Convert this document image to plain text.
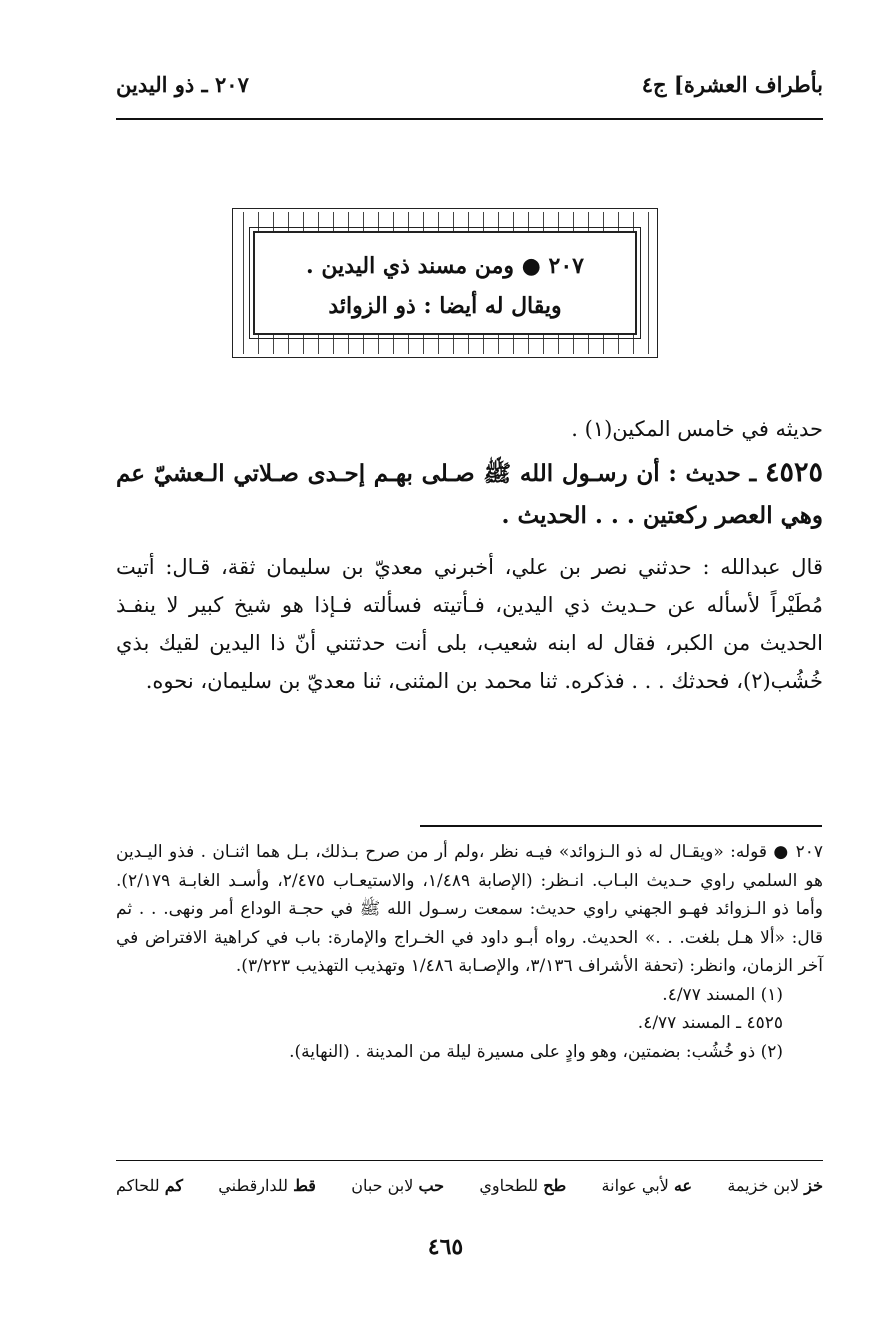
بأطراف العشرة] ج٤
٢٠٧ ـ ذو اليدين
٢٠٧ ● ومن مسند ذي اليدين .
ويقال له أيضا : ذو الزوائد
حديثه في خامس المكين(١) .
٤٥٢٥ ـ حديث : أن رسـول الله ﷺ صـلى بهـم إحـدى صـلاتي الـعشيّ عم وهي العصر ركعتين . . . الحديث .
قال عبدالله : حدثني نصر بن علي، أخبرني معديّ بن سليمان ثقة، قـال: أتيت مُطَيْراً لأسأله عن حـديث ذي اليدين، فـأتيته فسألته فـإذا هو شيخ كبير لا ينفـذ الحديث من الكبر، فقال له ابنه شعيب، بلى أنت حدثتني أنّ ذا اليدين لقيك بذي خُشُب(٢)، فحدثك . . . فذكره. ثنا محمد بن المثنى، ثنا معديّ بن سليمان، نحوه.
٢٠٧ ● قوله: «ويقـال له ذو الـزوائد» فيـه نظر ،ولم أر من صرح بـذلك، بـل هما اثنـان . فذو اليـدين هو السلمي راوي حـديث البـاب. انـظر: (الإصابة ١/٤٨٩، والاستيعـاب ٢/٤٧٥، وأسـد الغابـة ٢/١٧٩). وأما ذو الـزوائد فهـو الجهني راوي حديث: سمعت رسـول الله ﷺ في حجـة الوداع أمر ونهى. . . ثم قال: «ألا هـل بلغت. . .» الحديث. رواه أبـو داود في الخـراج والإمارة: باب في كراهية الافتراض في آخر الزمان، وانظر: (تحفة الأشراف ٣/١٣٦، والإصـابة ١/٤٨٦ وتهذيب التهذيب ٣/٢٢٣).
(١) المسند ٤/٧٧.
٤٥٢٥ ـ المسند ٤/٧٧.
(٢) ذو خُشُب: بضمتين، وهو وادٍ على مسيرة ليلة من المدينة . (النهاية).
خز لابن خزيمة
عه لأبي عوانة
طح للطحاوي
حب لابن حبان
قط للدارقطني
كم للحاكم
٤٦٥
